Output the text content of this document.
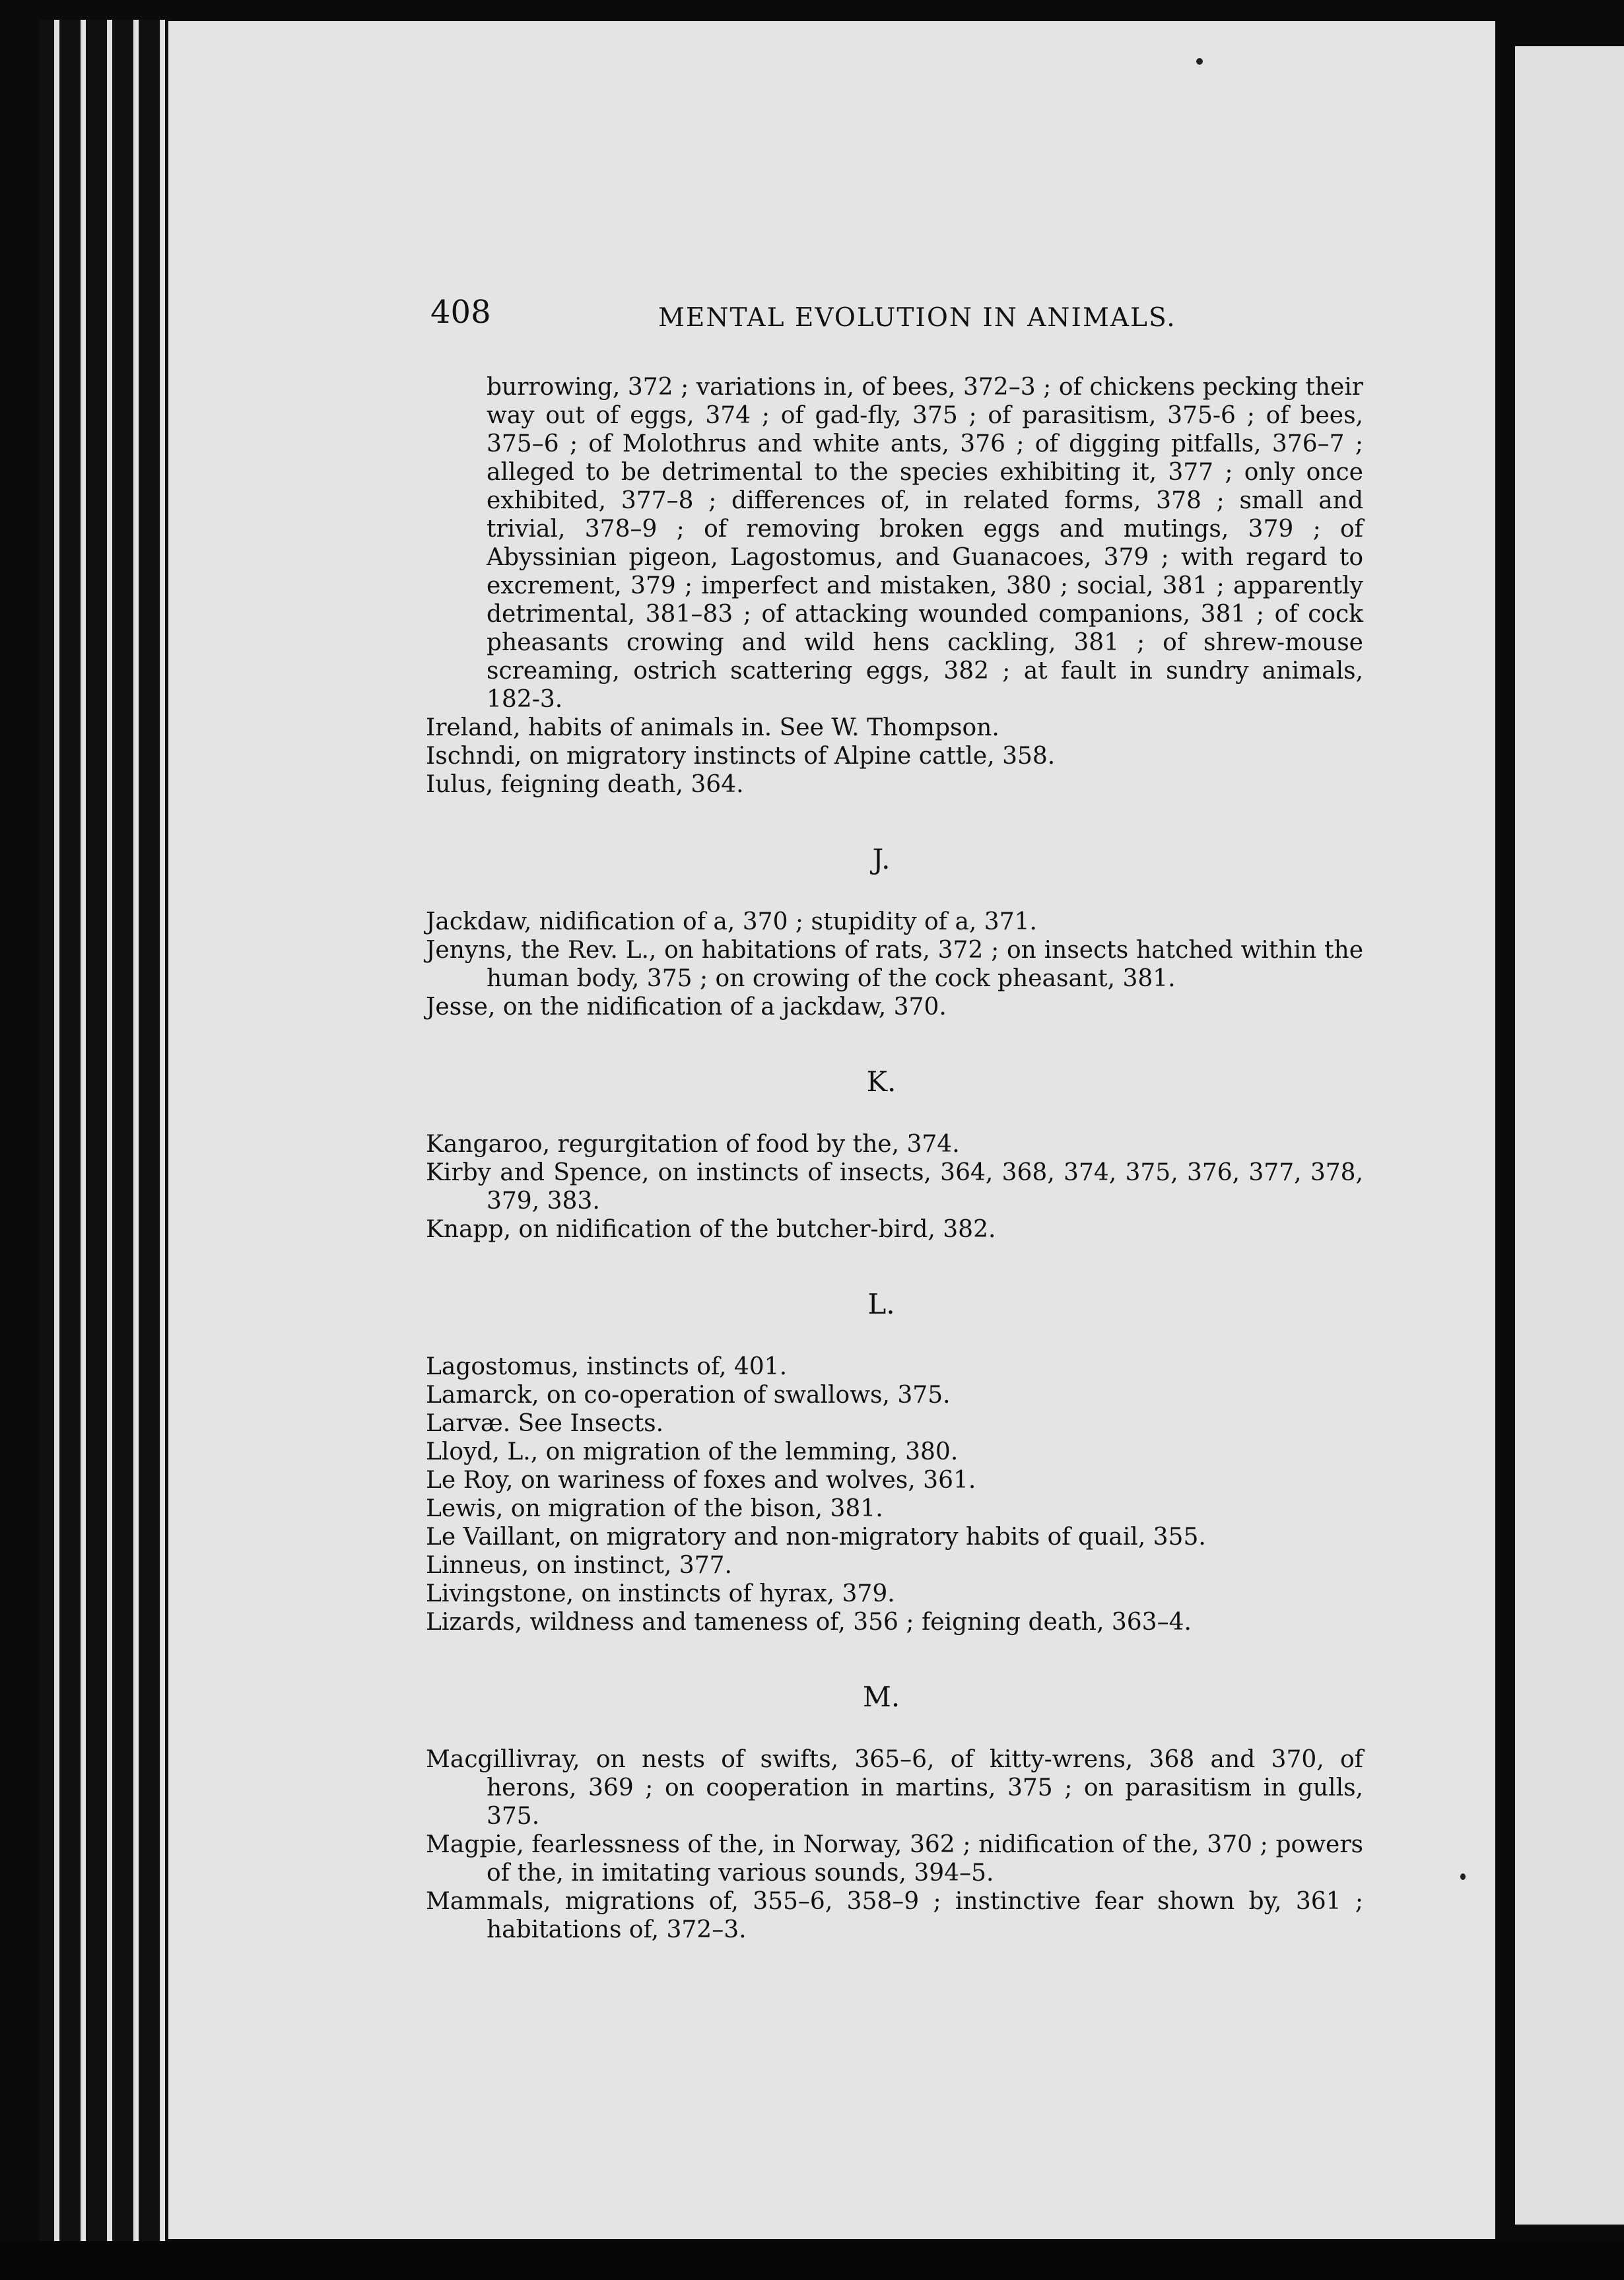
408	MENTAL EVOLUTION IN ANIMALS.

burrowing, 372 ; variations in, of bees, 372–3 ; of chickens pecking their way out of eggs, 374 ; of gad-fly, 375 ; of parasitism, 375-6 ; of bees, 375–6 ; of Molothrus and white ants, 376 ; of digging pitfalls, 376–7 ; alleged to be detrimental to the species exhibiting it, 377 ; only once exhibited, 377–8 ; differences of, in related forms, 378 ; small and trivial, 378–9 ; of removing broken eggs and mutings, 379 ; of Abyssinian pigeon, Lagostomus, and Guanacoes, 379 ; with regard to excrement, 379 ; imperfect and mistaken, 380 ; social, 381 ; apparently detrimental, 381–83 ; of attacking wounded companions, 381 ; of cock pheasants crowing and wild hens cackling, 381 ; of shrew-mouse screaming, ostrich scattering eggs, 382 ; at fault in sundry animals, 182-3.

Ireland, habits of animals in. See W. Thompson.

Ischndi, on migratory instincts of Alpine cattle, 358.

Iulus, feigning death, 364.

J.

Jackdaw, nidification of a, 370 ; stupidity of a, 371.

Jenyns, the Rev. L., on habitations of rats, 372 ; on insects hatched within the human body, 375 ; on crowing of the cock pheasant, 381.

Jesse, on the nidification of a jackdaw, 370.

K.

Kangaroo, regurgitation of food by the, 374.

Kirby and Spence, on instincts of insects, 364, 368, 374, 375, 376, 377, 378, 379, 383.

Knapp, on nidification of the butcher-bird, 382.

L.

Lagostomus, instincts of, 401.

Lamarck, on co-operation of swallows, 375.

Larvæ. See Insects.

Lloyd, L., on migration of the lemming, 380.

Le Roy, on wariness of foxes and wolves, 361.

Lewis, on migration of the bison, 381.

Le Vaillant, on migratory and non-migratory habits of quail, 355.

Linneus, on instinct, 377.

Livingstone, on instincts of hyrax, 379.

Lizards, wildness and tameness of, 356 ; feigning death, 363–4.

M.

Macgillivray, on nests of swifts, 365–6, of kitty-wrens, 368 and 370, of herons, 369 ; on cooperation in martins, 375 ; on parasitism in gulls, 375.

Magpie, fearlessness of the, in Norway, 362 ; nidification of the, 370 ; powers of the, in imitating various sounds, 394–5.

Mammals, migrations of, 355–6, 358–9 ; instinctive fear shown by, 361 ; habitations of, 372–3.
